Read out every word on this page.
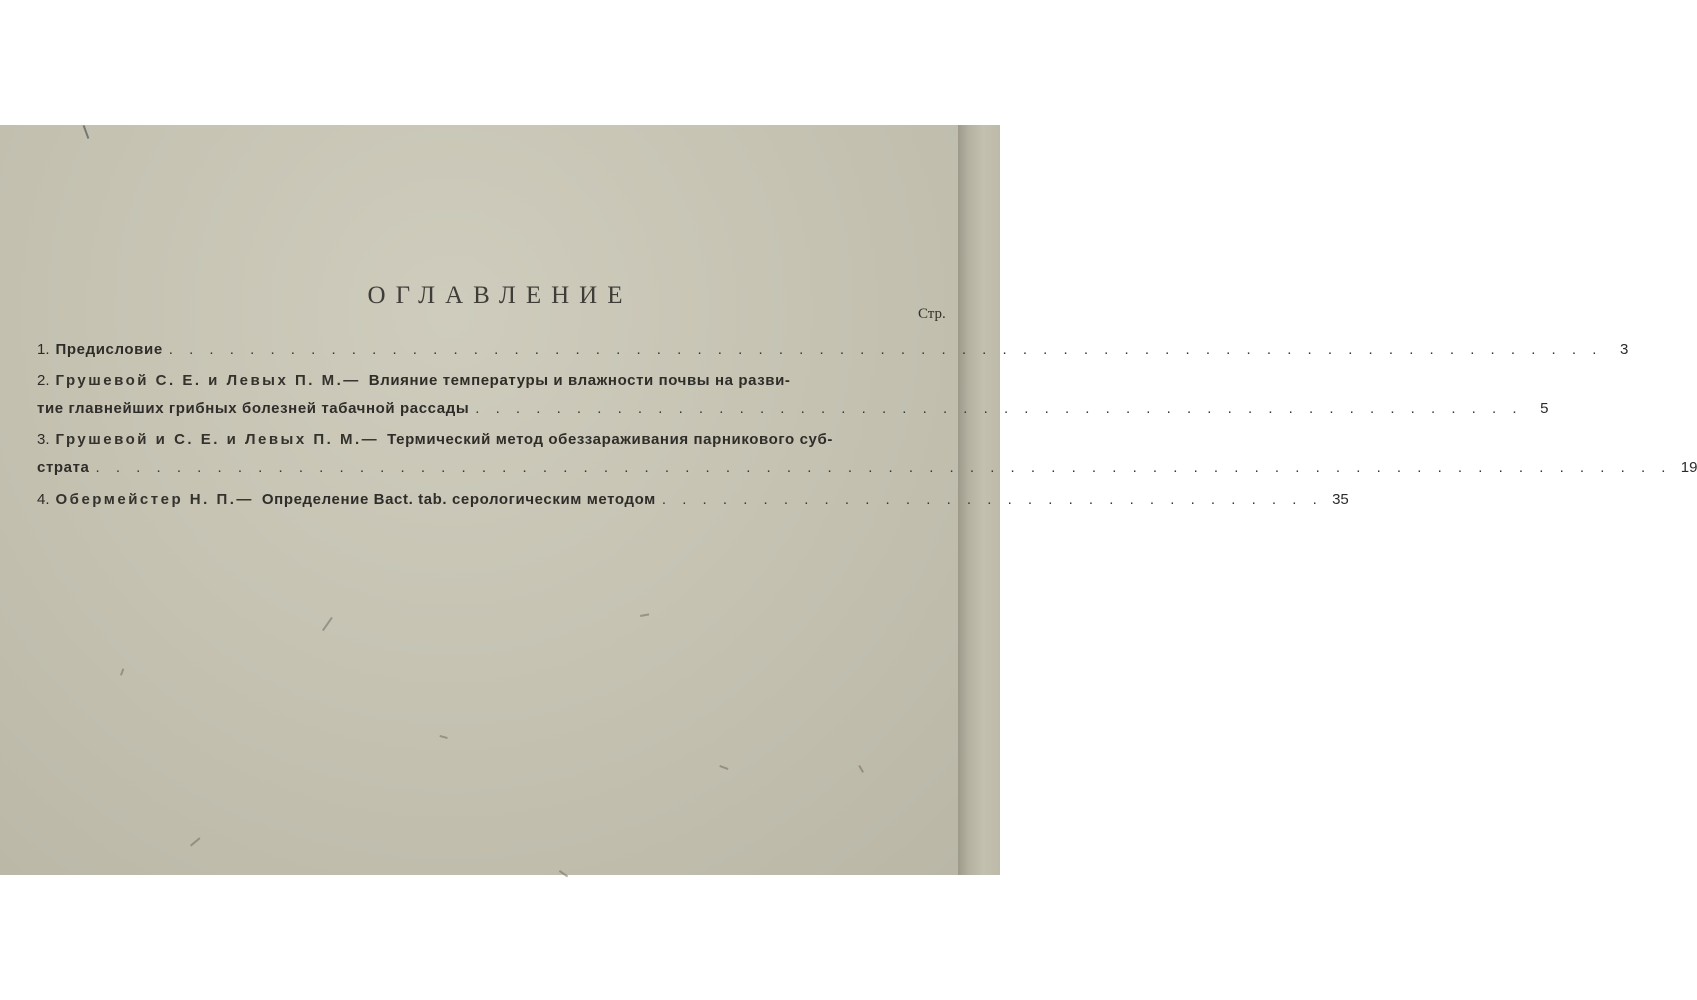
ОГЛАВЛЕНИЕ
Стр.
1. Предисловие . . . . . . . . . . . . . . . . . . . . . . . . . . . . . . . . . . . . . . . . . . . . . . . . . . . . . . . . . . . . . . . . . . . . . . .	3
2. Грушевой С. Е. и Левых П. М.— Влияние температуры и влажности почвы на разви-
тие главнейших грибных болезней табачной рассады . . . . . . . . . . . . . . . . . . . . . . . . . . . . . . . . . . . . . . . . . . . . . . . . . . . .	5
3. Грушевой и С. Е. и Левых П. М.— Термический метод обеззараживания парникового суб-
страта . . . . . . . . . . . . . . . . . . . . . . . . . . . . . . . . . . . . . . . . . . . . . . . . . . . . . . . . . . . . . . . . . . . . . . . . . . . . . . 19
4. Обермейстер Н. П.— Определение Bact. tab. серологическим методом . . . . . . . . . . . . . . . . . . . . . . . . . . . . . . . . . 35
